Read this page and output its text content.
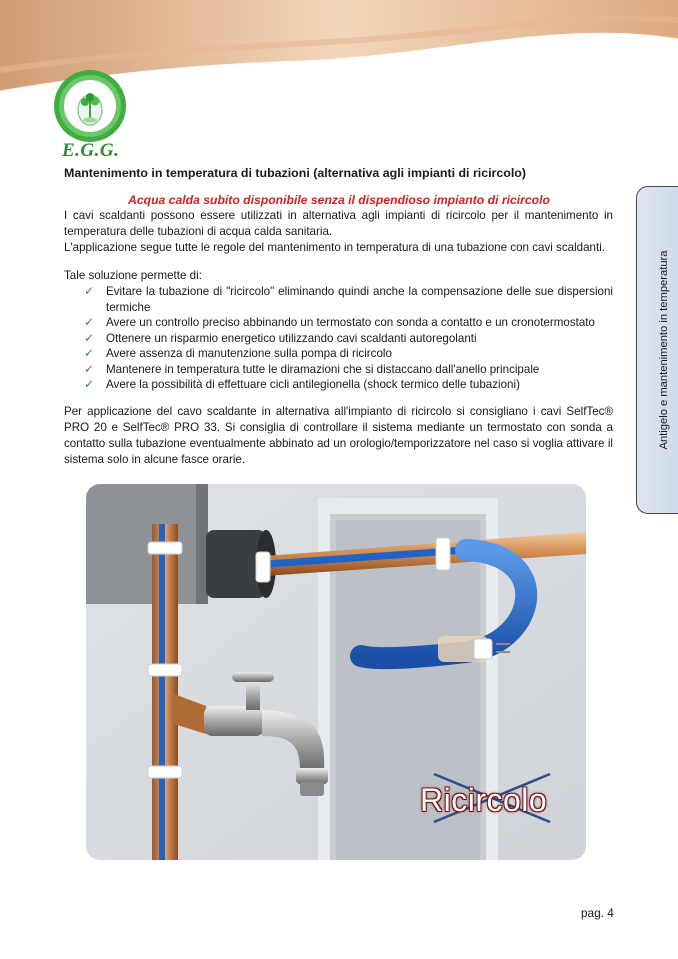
E.G.G.
Antigelo e mantenimento in temperatura
Mantenimento in temperatura di tubazioni (alternativa agli impianti di ricircolo)
Acqua calda subito disponibile senza il dispendioso impianto di ricircolo
I cavi scaldanti possono essere utilizzati in alternativa agli impianti di ricircolo per il mantenimento in temperatura delle tubazioni di acqua calda sanitaria.
L'applicazione segue tutte le regole del mantenimento in temperatura di una tubazione con cavi scaldanti.
Tale soluzione permette di:
✓ Evitare la tubazione di "ricircolo" eliminando quindi anche la compensazione delle sue dispersioni termiche
✓ Avere un controllo preciso abbinando un termostato con sonda a contatto e un cronotermostato
✓ Ottenere un risparmio energetico utilizzando cavi scaldanti autoregolanti
✓ Avere assenza di manutenzione sulla pompa di ricircolo
✓ Mantenere in temperatura tutte le diramazioni che si distaccano dall'anello principale
✓ Avere la possibilità di effettuare cicli antilegionella (shock termico delle tubazioni)
Per applicazione del cavo scaldante in alternativa all'impianto di ricircolo si consigliano i cavi SelfTec® PRO 20 e SelfTec® PRO 33. Si consiglia di controllare il sistema mediante un termostato con sonda a contatto sulla tubazione eventualmente abbinato ad un orologio/temporizzatore nel caso si voglia attivare il sistema solo in alcune fasce orarie.
Ricircolo
pag. 4
